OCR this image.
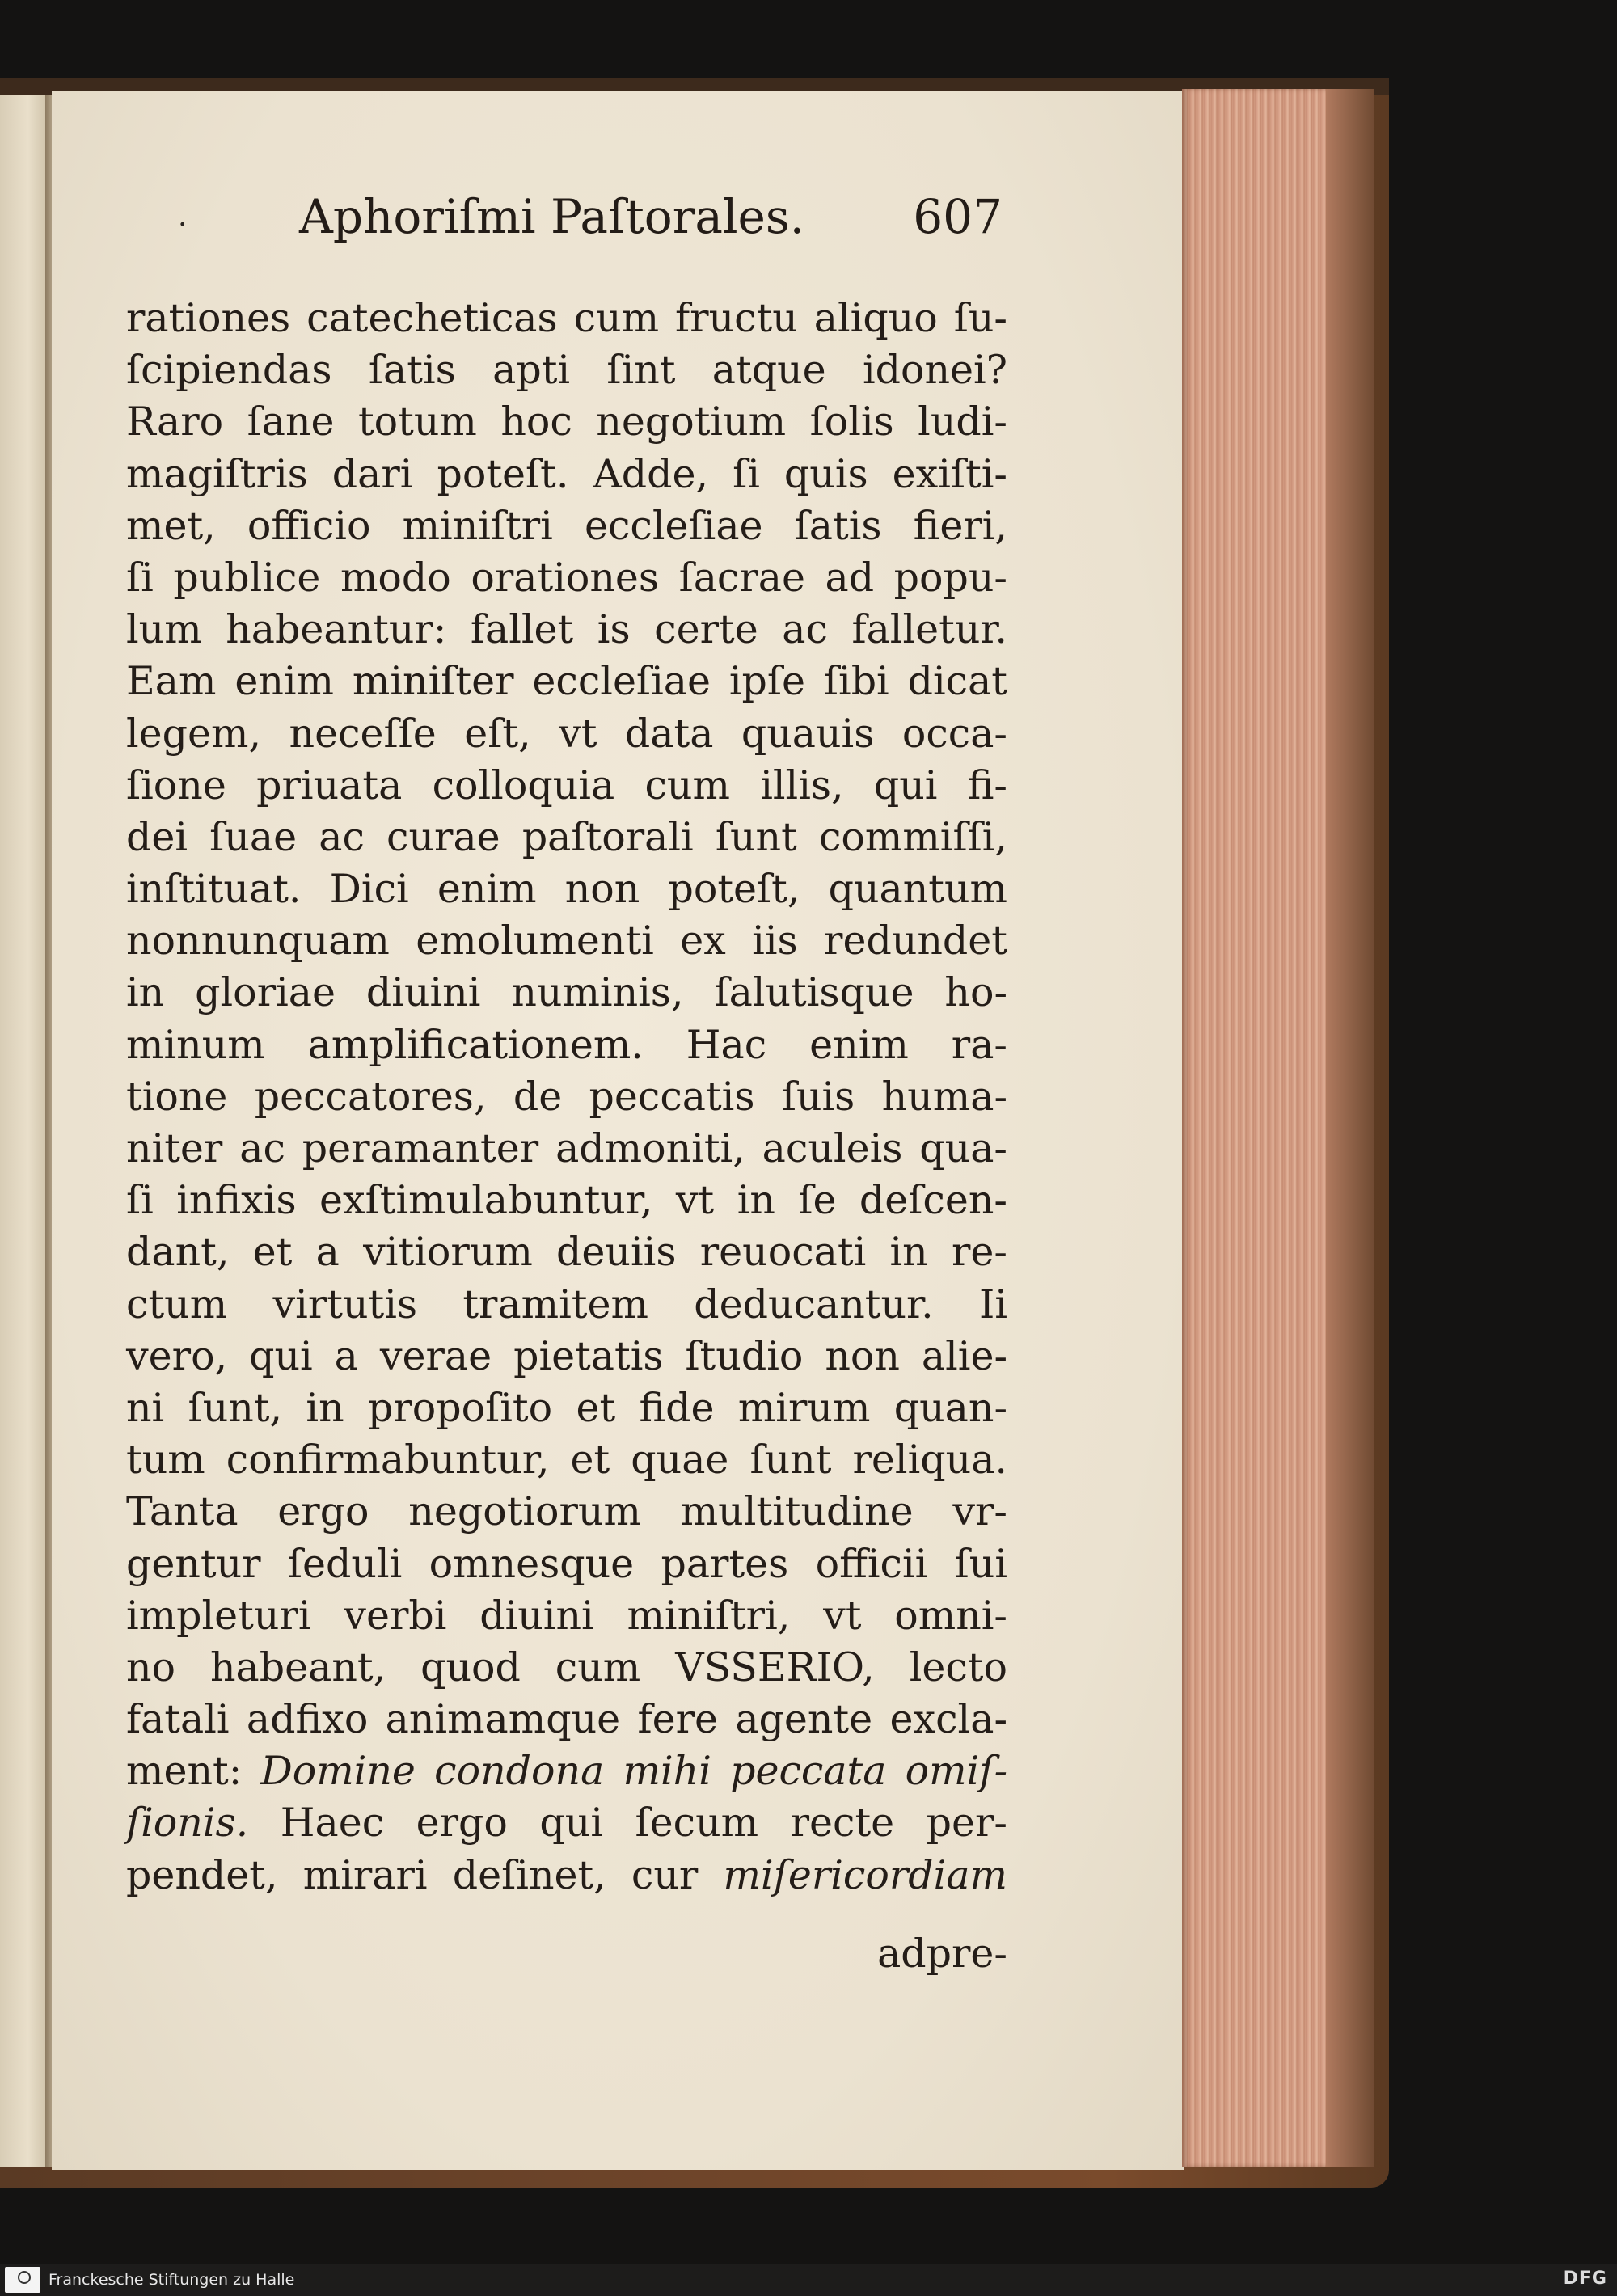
· Aphoriſmi Paſtorales. 607
rationes catecheticas cum fructu aliquo ſu-
ſcipiendas ſatis apti ſint atque idonei?
Raro ſane totum hoc negotium ſolis ludi-
magiſtris dari poteſt. Adde, ſi quis exiſti-
met, officio miniſtri eccleſiae ſatis fieri,
ſi publice modo orationes ſacrae ad popu-
lum habeantur: fallet is certe ac falletur.
Eam enim miniſter eccleſiae ipſe ſibi dicat
legem, neceſſe eſt, vt data quauis occa-
ſione priuata colloquia cum illis, qui fi-
dei ſuae ac curae paſtorali ſunt commiſſi,
inſtituat. Dici enim non poteſt, quantum
nonnunquam emolumenti ex iis redundet
in gloriae diuini numinis, ſalutisque ho-
minum amplificationem. Hac enim ra-
tione peccatores, de peccatis ſuis huma-
niter ac peramanter admoniti, aculeis qua-
ſi infixis exſtimulabuntur, vt in ſe deſcen-
dant, et a vitiorum deuiis reuocati in re-
ctum virtutis tramitem deducantur. Ii
vero, qui a verae pietatis ſtudio non alie-
ni ſunt, in propoſito et fide mirum quan-
tum confirmabuntur, et quae ſunt reliqua.
Tanta ergo negotiorum multitudine vr-
gentur ſeduli omnesque partes officii ſui
impleturi verbi diuini miniſtri, vt omni-
no habeant, quod cum VSSERIO, lecto
fatali adfixo animamque fere agente excla-
ment: Domine condona mihi peccata omiſ-
ſionis. Haec ergo qui ſecum recte per-
pendet, mirari deſinet, cur miſericordiam
adpre-
Franckesche Stiftungen zu Halle	DFG
